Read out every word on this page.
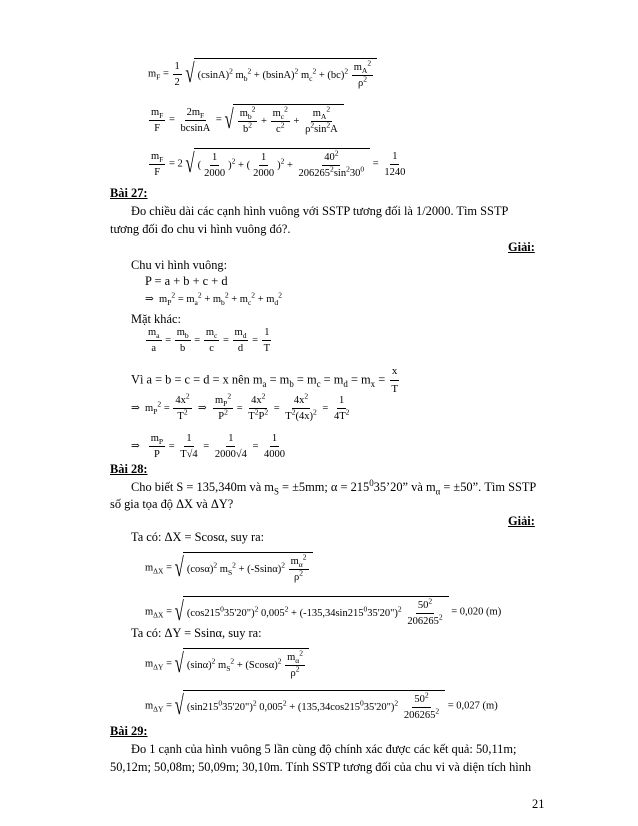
$m_F = \frac{1}{2}$ √ $(csinA)^2$ $m_b^2 + (bsinA)^2$ $m_c^2 + (bc)^2 \frac{m_A^2}{\rho^2}$
$\frac{m_F}{F} = \frac{2m_F}{bcsinA}$ = √ $\frac{m_b^2}{b^2} + \frac{m_c^2}{c^2} + \frac{m_A^2}{\rho^2\sin^2A}$
$\frac{m_F}{F} = 2$ √( $\frac{1}{2000} )^2$ + ( $\frac{1}{2000} )^2 + \frac{40^2}{206265^2\sin^230^0} = \frac{1}{1240}$
Bài 27:
Đo chiều dài các cạnh hình vuông với SSTP tương đối là 1/2000. Tìm SSTP
tương đối đo chu vi hình vuông đó?.
Giải:
Chu vi hình vuông:
P = a + b + c + d
⇒  $m_P^2 = m_a^2 + m_b^2 + m_c^2 + m_d^2$
Mặt khác:
$\frac{m_a}{a} = \frac{m_b}{b} = \frac{m_c}{c} = \frac{m_d}{d} = \frac{1}{T}$
Vì a = b = c = d = x nên $m_a = m_b = m_c = m_d = m_x = \frac{x}{T}$
⇒  $m_P^2 = \frac{4x^2}{T^2}$ ⇒ $\frac{m_P^2}{P^2} = \frac{4x^2}{T^2P^2} = \frac{4x^2}{T^2(4x)^2} = \frac{1}{4T^2}$
⇒ $\frac{m_P}{P} = \frac{1}{T√4} = \frac{1}{2000√4} = \frac{1}{4000}$
Bài 28:
Cho biết S = 135,340m và $m_S = \pm 5mm$; $\alpha = 215^035’20$” và $m_\alpha = \pm 50$”. Tìm SSTP
số gia tọa độ ΔX và ΔY?
Giải:
Ta có: ΔX = Scosα, suy ra:
$m_{\Delta X}$ = √ $(\cos\alpha)^2$ $m_S^2 + (-Ssin\alpha)^2 \frac{m_\alpha^2}{\rho^2}$
$m_{\Delta X}$ = √ $(\cos 215^035'20")^2$ $0,005^2$ + $(-135,34\sin 215^035'20")^2 \frac{50^2}{206265^2} = 0,020$ (m)
Ta có: ΔY = Ssinα, suy ra:
$m_{\Delta Y}$ = √ $(\sin\alpha)^2$ $m_S^2 + (Scos\alpha)^2 \frac{m_\alpha^2}{\rho^2}$
$m_{\Delta Y}$ = √ $(\sin 215^035'20")^2$ $0,005^2$ + $(135,34\cos 215^035'20")^2 \frac{50^2}{206265^2} = 0,027$ (m)
Bài 29:
Đo 1 cạnh của hình vuông 5 lần cùng độ chính xác được các kết quả: 50,11m;
50,12m; 50,08m; 50,09m; 30,10m. Tính SSTP tương đối của chu vi và diện tích hình
21
